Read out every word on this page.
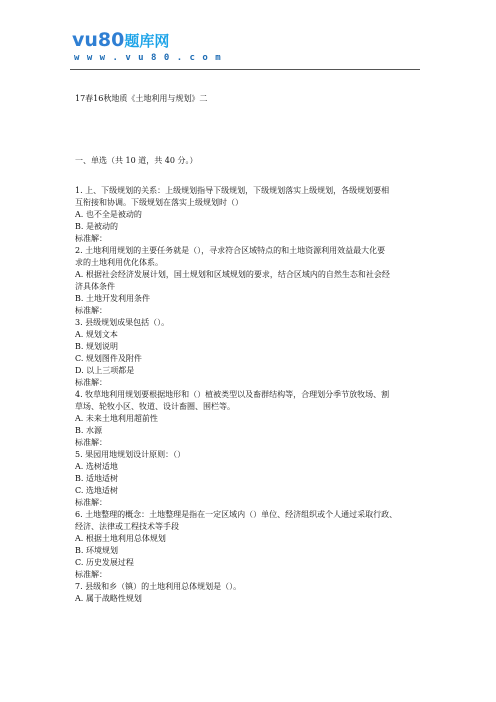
vu80题库网
w w w . v u 8 0 . c o m
17春16秋地质《土地利用与规划》二
一、单选（共 10 道，共 40 分。）
1. 上、下级规划的关系：上级规划指导下级规划，下级规划落实上级规划，各级规划要相
互衔接和协调。下级规划在落实上级规划时（）
A. 也不全是被动的
B. 是被动的
标准解：
2. 土地利用规划的主要任务就是（），寻求符合区域特点的和土地资源利用效益最大化要
求的土地利用优化体系。
A. 根据社会经济发展计划，国土规划和区域规划的要求，结合区域内的自然生态和社会经
济具体条件
B. 土地开发利用条件
标准解：
3. 县级规划成果包括（）。
A. 规划文本
B. 规划说明
C. 规划图件及附件
D. 以上三项都是
标准解：
4. 牧草地利用规划要根据地形和（）植被类型以及畜群结构等，合理划分季节放牧场、割
草场、轮牧小区、牧道、设计畜圈、围栏等。
A. 未来土地利用超前性
B. 水源
标准解：
5. 果园用地规划设计原则：（）
A. 选树适地
B. 适地适树
C. 选地适树
标准解：
6. 土地整理的概念：土地整理是指在一定区域内（）单位、经济组织或个人通过采取行政、
经济、法律或工程技术等手段
A. 根据土地利用总体规划
B. 环境规划
C. 历史发展过程
标准解：
7. 县级和乡（镇）的土地利用总体规划是（）。
A. 属于战略性规划
